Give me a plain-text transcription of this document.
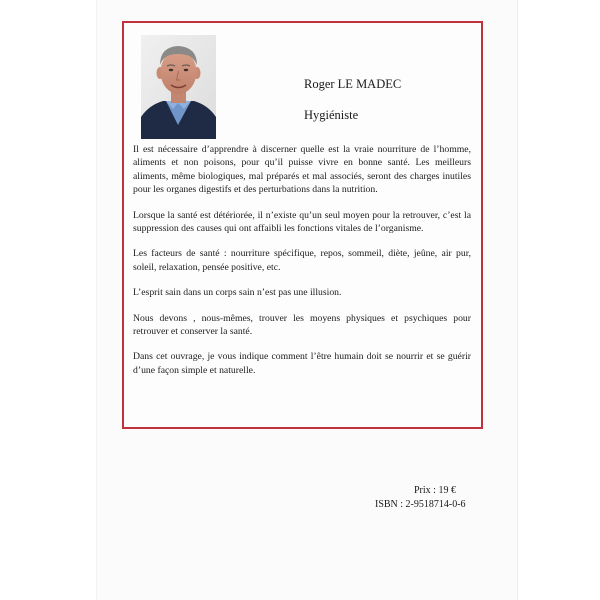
Roger LE MADEC
Hygiéniste

Il est nécessaire d’apprendre à discerner quelle est la vraie nourriture de l’homme, aliments et non poisons, pour qu’il puisse vivre en bonne santé. Les meilleurs aliments, même biologiques, mal préparés et mal associés, seront des charges inutiles pour les organes digestifs et des perturbations dans la nutrition.

Lorsque la santé est détériorée, il n’existe qu’un seul moyen pour la retrouver, c’est la suppression des causes qui ont affaibli les fonctions vitales de l’organisme.

Les facteurs de santé : nourriture spécifique, repos, sommeil, diète, jeûne, air pur, soleil, relaxation, pensée positive, etc.

L’esprit sain dans un corps sain n’est pas une illusion.

Nous devons , nous-mêmes, trouver les moyens physiques et psychiques pour retrouver et conserver la santé.

Dans cet ouvrage, je vous indique comment l’être humain doit se nourrir et se guérir d’une façon simple et naturelle.

Prix : 19 €
ISBN : 2-9518714-0-6
